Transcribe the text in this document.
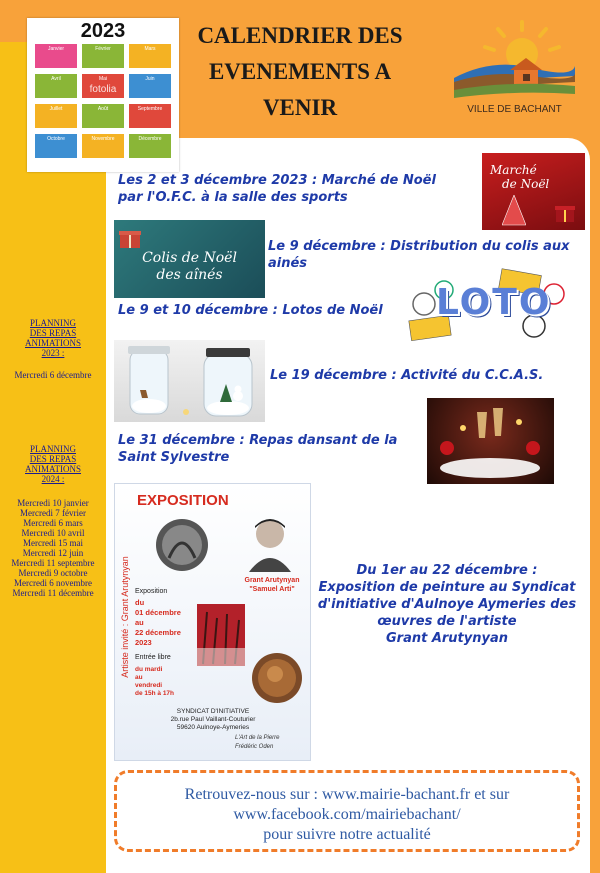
2023
Janvier	Février	Mars
Avril	Mai	Juin
Juillet	Août	Septembre
Octobre	Novembre	Décembre
fotolia
CALENDRIER DES
EVENEMENTS A
VENIR	VILLE DE BACHANT
PLANNING
DES REPAS
ANIMATIONS
2023 :
Mercredi 6 décembre
PLANNING
DES REPAS
ANIMATIONS
2024 :
Mercredi 10 janvier
Mercredi 7 février
Mercredi 6 mars
Mercredi 10 avril
Mercredi 15 mai
Mercredi 12 juin
Mercredi 11 septembre
Mercredi 9 octobre
Mercredi 6 novembre
Mercredi 11 décembre
Les 2 et 3 décembre 2023 : Marché de Noël
par l'O.F.C. à la salle des sports
Marché
de Noël
Colis de Noël
des aînés
Le 9 décembre : Distribution du colis aux
ainés
Le 9 et 10 décembre : Lotos de Noël	LOTO
Le 19 décembre : Activité du C.C.A.S.
Le 31 décembre : Repas dansant de la
Saint Sylvestre
EXPOSITION
Artiste invité : Grant Arutynyan	Grant Arutynyan
"Samuel Arti"
Exposition
du
01 décembre
au
22 décembre
2023
Entrée libre
du mardi
au
vendredi
de 15h à 17h
SYNDICAT D'INITIATIVE
2b.rue Paul Vaillant-Couturier
59620 Aulnoye-Aymeries
L'Art de la Pierre
Frédéric Oden
Du 1er au 22 décembre :
Exposition de peinture au Syndicat
d'initiative d'Aulnoye Aymeries des
œuvres de l'artiste
Grant Arutynyan
Retrouvez-nous sur : www.mairie-bachant.fr et sur
www.facebook.com/mairiebachant/
pour suivre notre actualité
